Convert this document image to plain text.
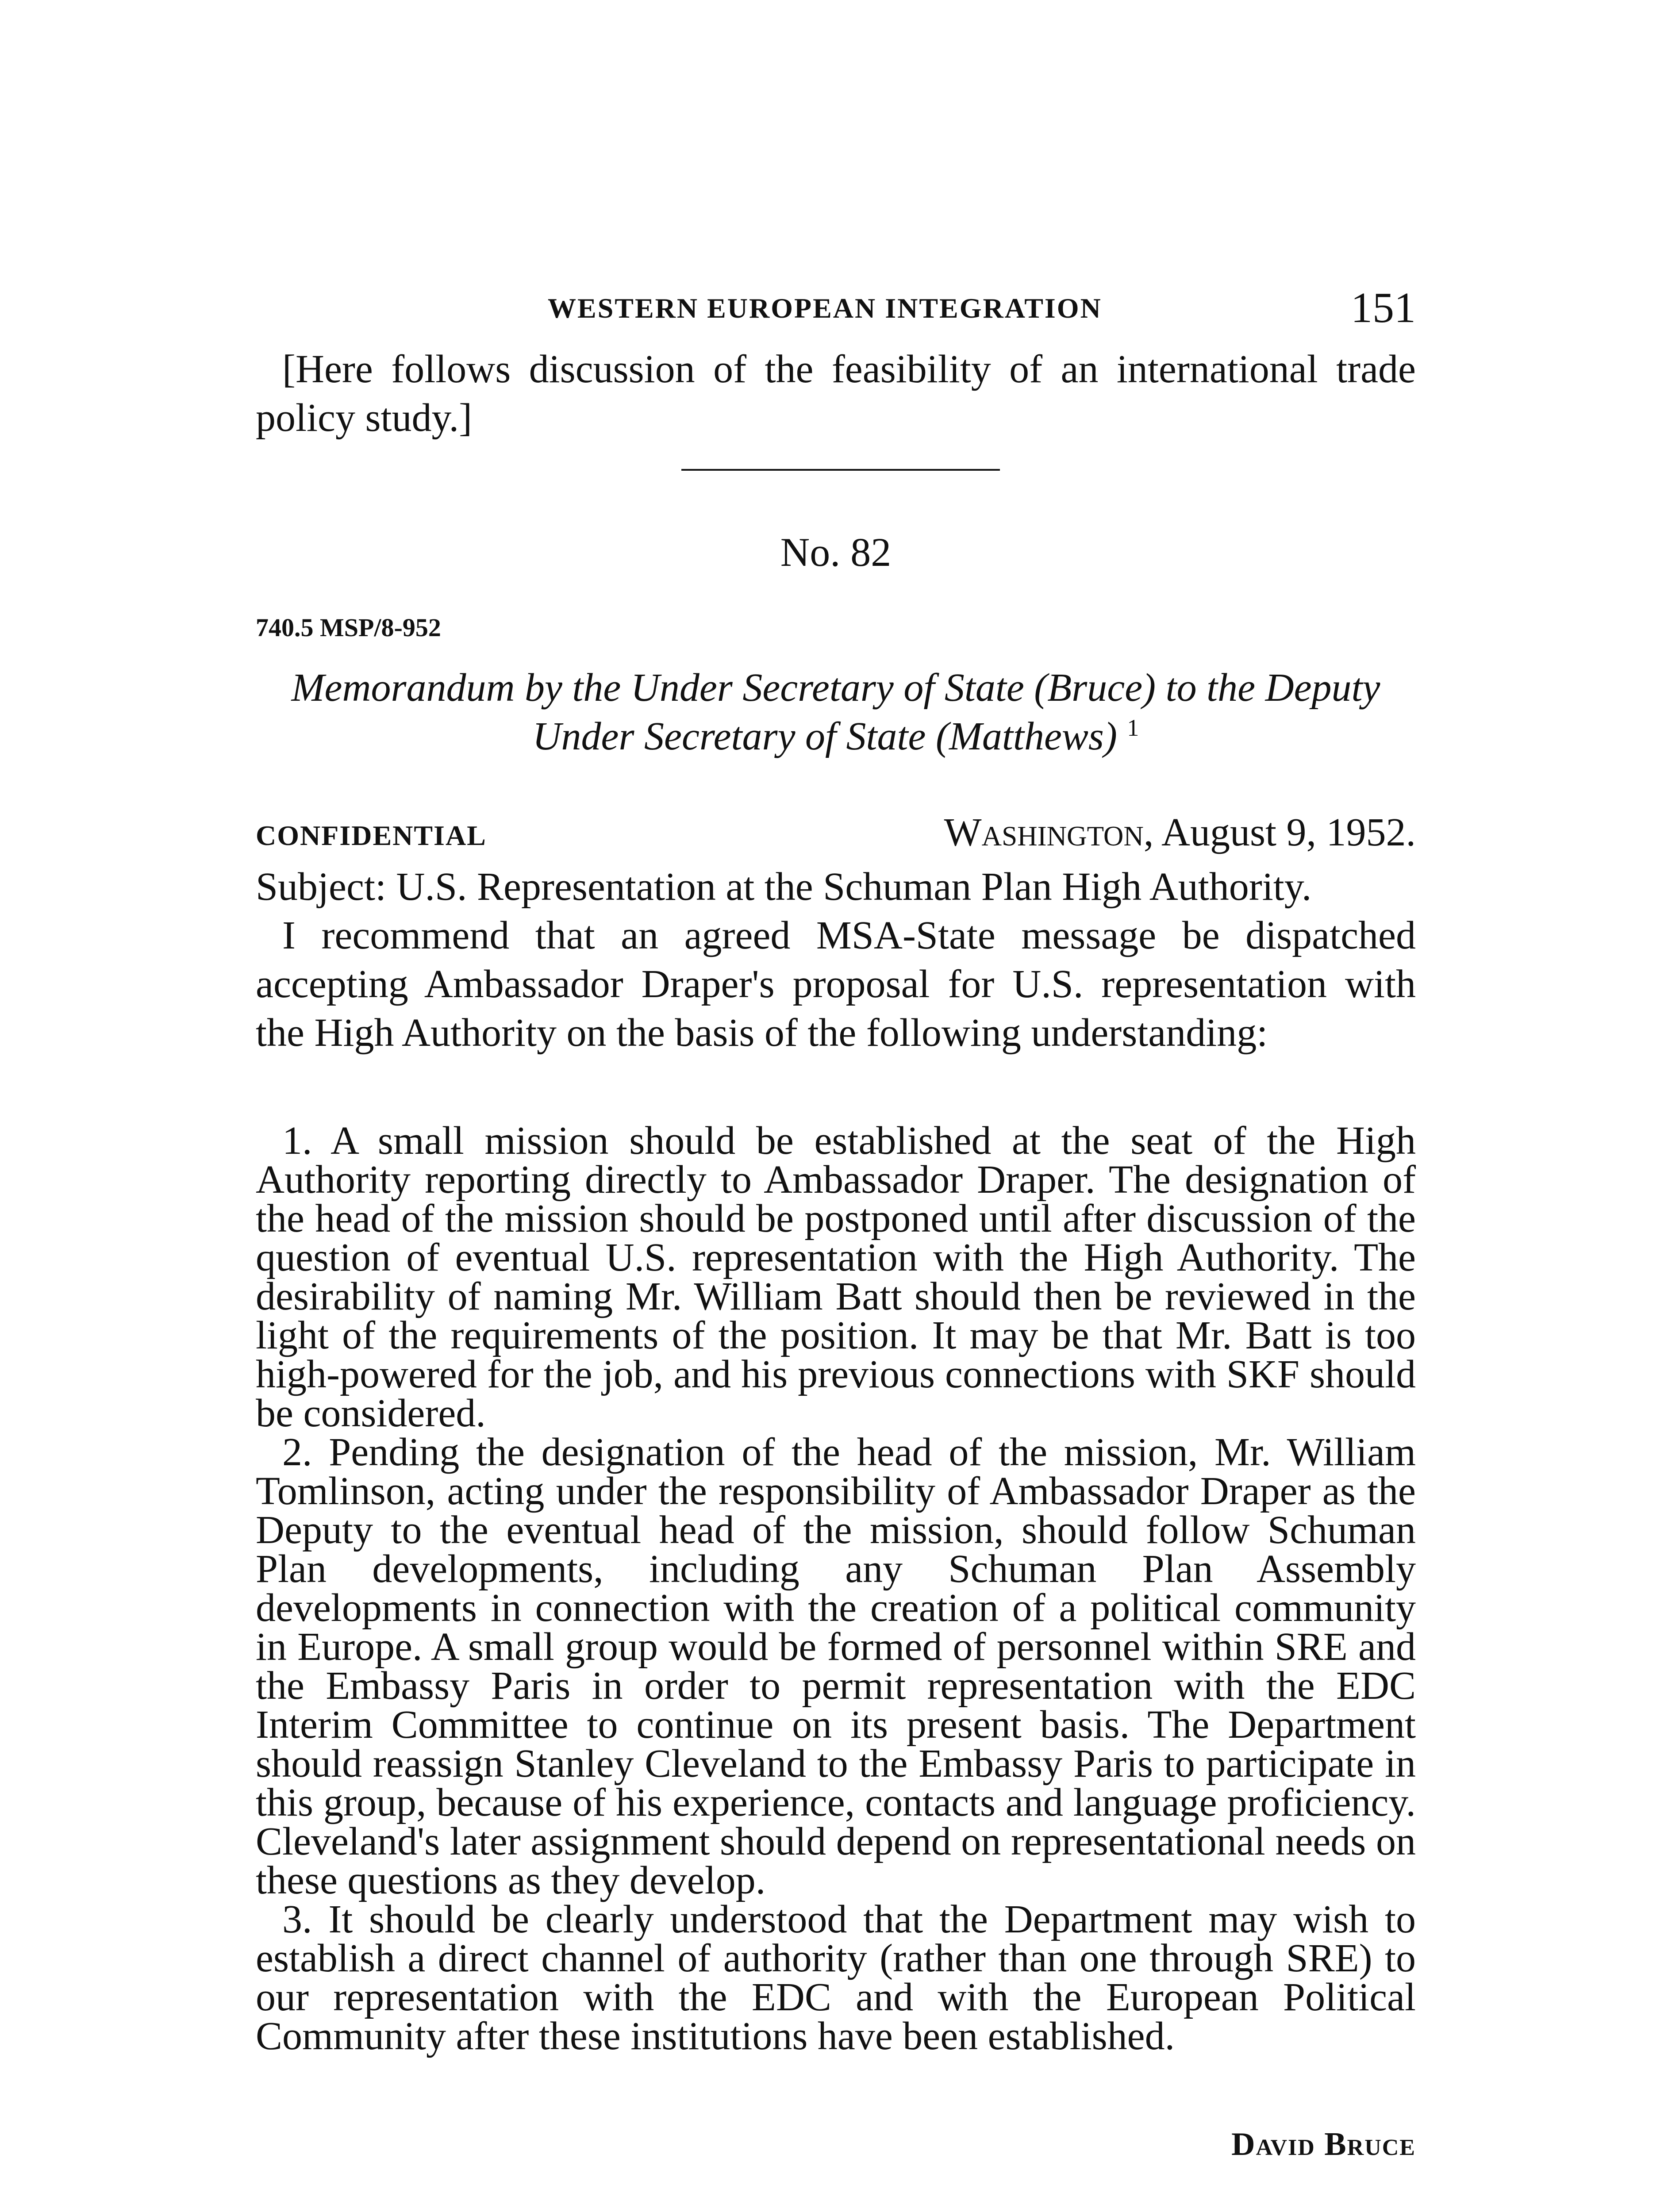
WESTERN EUROPEAN INTEGRATION	151

[Here follows discussion of the feasibility of an international trade policy study.]

No. 82
740.5 MSP/8-952
Memorandum by the Under Secretary of State (Bruce) to the Deputy
Under Secretary of State (Matthews) $^1$
CONFIDENTIAL	Washington, August 9, 1952.

Subject: U.S. Representation at the Schuman Plan High Authority.

I recommend that an agreed MSA-State message be dispatched accepting Ambassador Draper's proposal for U.S. representation with the High Authority on the basis of the following understanding:

1. A small mission should be established at the seat of the High Authority reporting directly to Ambassador Draper. The designation of the head of the mission should be postponed until after discussion of the question of eventual U.S. representation with the High Authority. The desirability of naming Mr. William Batt should then be reviewed in the light of the requirements of the position. It may be that Mr. Batt is too high-powered for the job, and his previous connections with SKF should be considered.

2. Pending the designation of the head of the mission, Mr. William Tomlinson, acting under the responsibility of Ambassador Draper as the Deputy to the eventual head of the mission, should follow Schuman Plan developments, including any Schuman Plan Assembly developments in connection with the creation of a political community in Europe. A small group would be formed of personnel within SRE and the Embassy Paris in order to permit representation with the EDC Interim Committee to continue on its present basis. The Department should reassign Stanley Cleveland to the Embassy Paris to participate in this group, because of his experience, contacts and language proficiency. Cleveland's later assignment should depend on representational needs on these questions as they develop.

3. It should be clearly understood that the Department may wish to establish a direct channel of authority (rather than one through SRE) to our representation with the EDC and with the European Political Community after these institutions have been established.

David Bruce
